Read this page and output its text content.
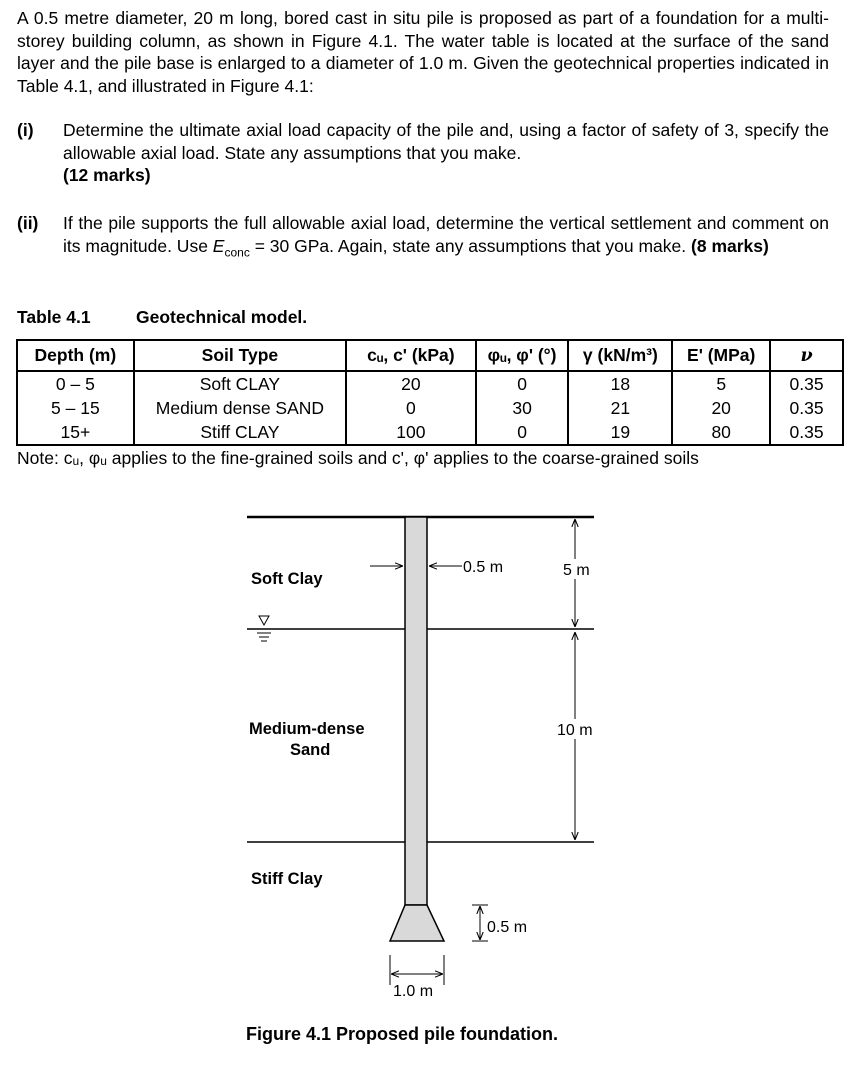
A 0.5 metre diameter, 20 m long, bored cast in situ pile is proposed as part of a foundation for a multi-storey building column, as shown in Figure 4.1. The water table is located at the surface of the sand layer and the pile base is enlarged to a diameter of 1.0 m. Given the geotechnical properties indicated in Table 4.1, and illustrated in Figure 4.1:
(i) Determine the ultimate axial load capacity of the pile and, using a factor of safety of 3, specify the allowable axial load. State any assumptions that you make.
(12 marks)
(ii) If the pile supports the full allowable axial load, determine the vertical settlement and comment on its magnitude. Use $E_{conc} = 30$ GPa. Again, state any assumptions that you make. (8 marks)
Table 4.1	Geotechnical model.
Depth (m)	Soil Type	cᵤ, c' (kPa)	φᵤ, φ' (°)	γ (kN/m³)	E' (MPa)	ν
0 – 5	Soft CLAY	20	0	18	5	0.35
5 – 15	Medium dense SAND	0	30	21	20	0.35
15+	Stiff CLAY	100	0	19	80	0.35
Note: cᵤ, φᵤ applies to the fine-grained soils and c', φ' applies to the coarse-grained soils
Soft Clay
Medium-dense
Sand
Stiff Clay
0.5 m	5 m
10 m
0.5 m
1.0 m
Figure 4.1 Proposed pile foundation.
